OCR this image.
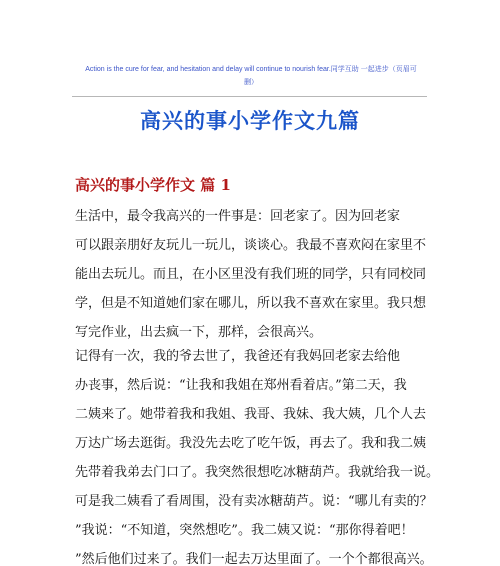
Action is the cure for fear, and hesitation and delay will continue to nourish fear.同学互助 一起进步（页眉可
删）
高兴的事小学作文九篇
高兴的事小学作文 篇 1
生活中，最令我高兴的一件事是：回老家了。因为回老家
可以跟亲朋好友玩儿一玩儿，谈谈心。我最不喜欢闷在家里不
能出去玩儿。而且，在小区里没有我们班的同学，只有同校同
学，但是不知道她们家在哪儿，所以我不喜欢在家里。我只想
写完作业，出去疯一下，那样，会很高兴。
记得有一次，我的爷去世了，我爸还有我妈回老家去给他
办丧事，然后说：“让我和我姐在郑州看着店。”第二天，我
二姨来了。她带着我和我姐、我哥、我妹、我大姨，几个人去
万达广场去逛街。我没先去吃了吃午饭，再去了。我和我二姨
先带着我弟去门口了。我突然很想吃冰糖葫芦。我就给我一说。
可是我二姨看了看周围，没有卖冰糖葫芦。说：“哪儿有卖的？
”我说：“不知道，突然想吃”。我二姨又说：“那你得着吧！
”然后他们过来了。我们一起去万达里面了。一个个都很高兴。
